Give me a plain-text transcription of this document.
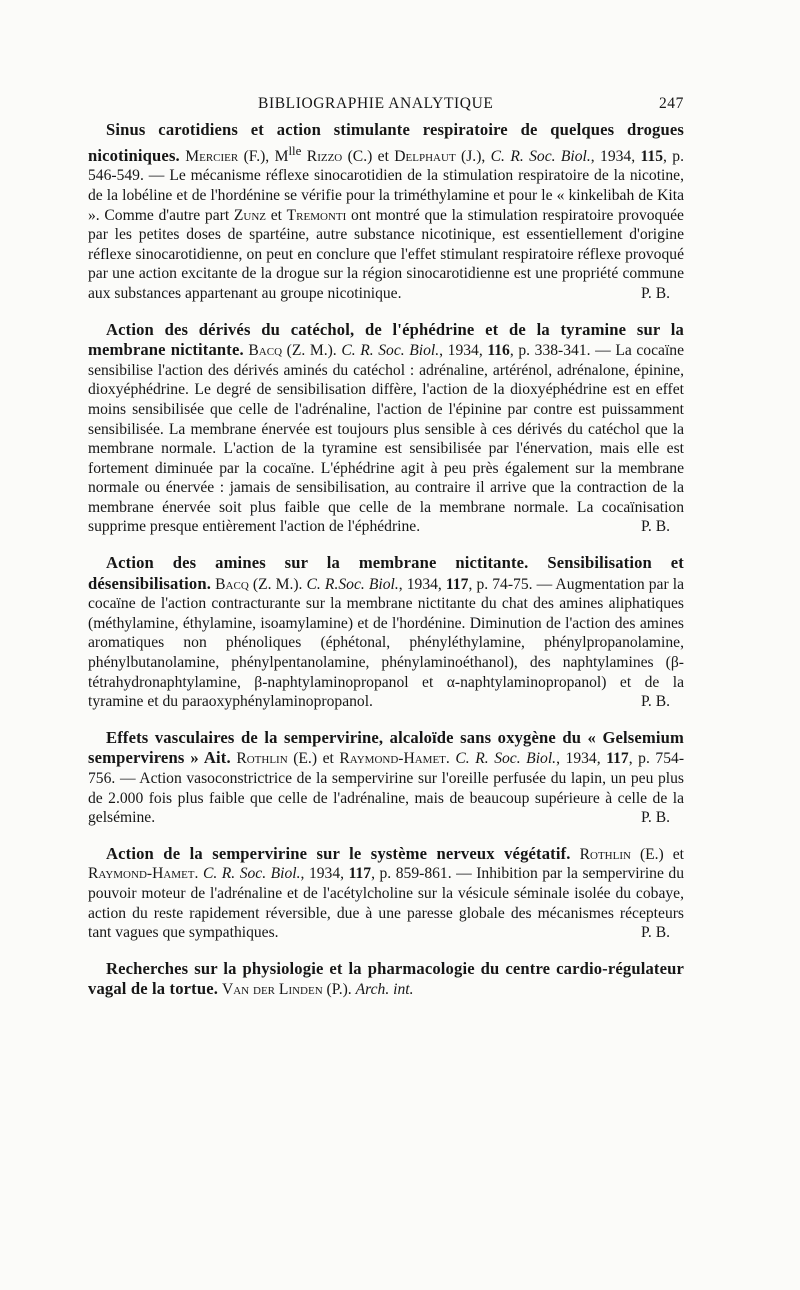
BIBLIOGRAPHIE ANALYTIQUE	247

Sinus carotidiens et action stimulante respiratoire de quelques drogues nicotiniques. Mercier (F.), $M^{lle}$ Rizzo (C.) et Delphaut (J.), C. R. Soc. Biol., 1934, 115, p. 546-549. — Le mécanisme réflexe sinocarotidien de la stimulation respiratoire de la nicotine, de la lobéline et de l'hordénine se vérifie pour la triméthylamine et pour le « kinkelibah de Kita ». Comme d'autre part Zunz et Tremonti ont montré que la stimulation respiratoire provoquée par les petites doses de spartéine, autre substance nicotinique, est essentiellement d'origine réflexe sinocarotidienne, on peut en conclure que l'effet stimulant respiratoire réflexe provoqué par une action excitante de la drogue sur la région sinocarotidienne est une propriété commune aux substances appartenant au groupe nicotinique.	P. B.

Action des dérivés du catéchol, de l'éphédrine et de la tyramine sur la membrane nictitante. Bacq (Z. M.). C. R. Soc. Biol., 1934, 116, p. 338-341. — La cocaïne sensibilise l'action des dérivés aminés du catéchol : adrénaline, artérénol, adrénalone, épinine, dioxyéphédrine. Le degré de sensibilisation diffère, l'action de la dioxyéphédrine est en effet moins sensibilisée que celle de l'adrénaline, l'action de l'épinine par contre est puissamment sensibilisée. La membrane énervée est toujours plus sensible à ces dérivés du catéchol que la membrane normale. L'action de la tyramine est sensibilisée par l'énervation, mais elle est fortement diminuée par la cocaïne. L'éphédrine agit à peu près également sur la membrane normale ou énervée : jamais de sensibilisation, au contraire il arrive que la contraction de la membrane énervée soit plus faible que celle de la membrane normale. La cocaïnisation supprime presque entièrement l'action de l'éphédrine.	P. B.

Action des amines sur la membrane nictitante. Sensibilisation et désensibilisation. Bacq (Z. M.). C. R.Soc. Biol., 1934, 117, p. 74-75. — Augmentation par la cocaïne de l'action contracturante sur la membrane nictitante du chat des amines aliphatiques (méthylamine, éthylamine, isoamylamine) et de l'hordénine. Diminution de l'action des amines aromatiques non phénoliques (éphétonal, phényléthylamine, phénylpropanolamine, phénylbutanolamine, phénylpentanolamine, phénylaminoéthanol), des naphtylamines (β-tétrahydronaphtylamine, β-naphtylaminopropanol et α-naphtylaminopropanol) et de la tyramine et du paraoxyphénylaminopropanol.	P. B.

Effets vasculaires de la sempervirine, alcaloïde sans oxygène du « Gelsemium sempervirens » Ait. Rothlin (E.) et Raymond-Hamet. C. R. Soc. Biol., 1934, 117, p. 754-756. — Action vasoconstrictrice de la sempervirine sur l'oreille perfusée du lapin, un peu plus de 2.000 fois plus faible que celle de l'adrénaline, mais de beaucoup supérieure à celle de la gelsémine.	P. B.

Action de la sempervirine sur le système nerveux végétatif. Rothlin (E.) et Raymond-Hamet. C. R. Soc. Biol., 1934, 117, p. 859-861. — Inhibition par la sempervirine du pouvoir moteur de l'adrénaline et de l'acétylcholine sur la vésicule séminale isolée du cobaye, action du reste rapidement réversible, due à une paresse globale des mécanismes récepteurs tant vagues que sympathiques.	P. B.

Recherches sur la physiologie et la pharmacologie du centre cardio-régulateur vagal de la tortue. Van der Linden (P.). Arch. int.
